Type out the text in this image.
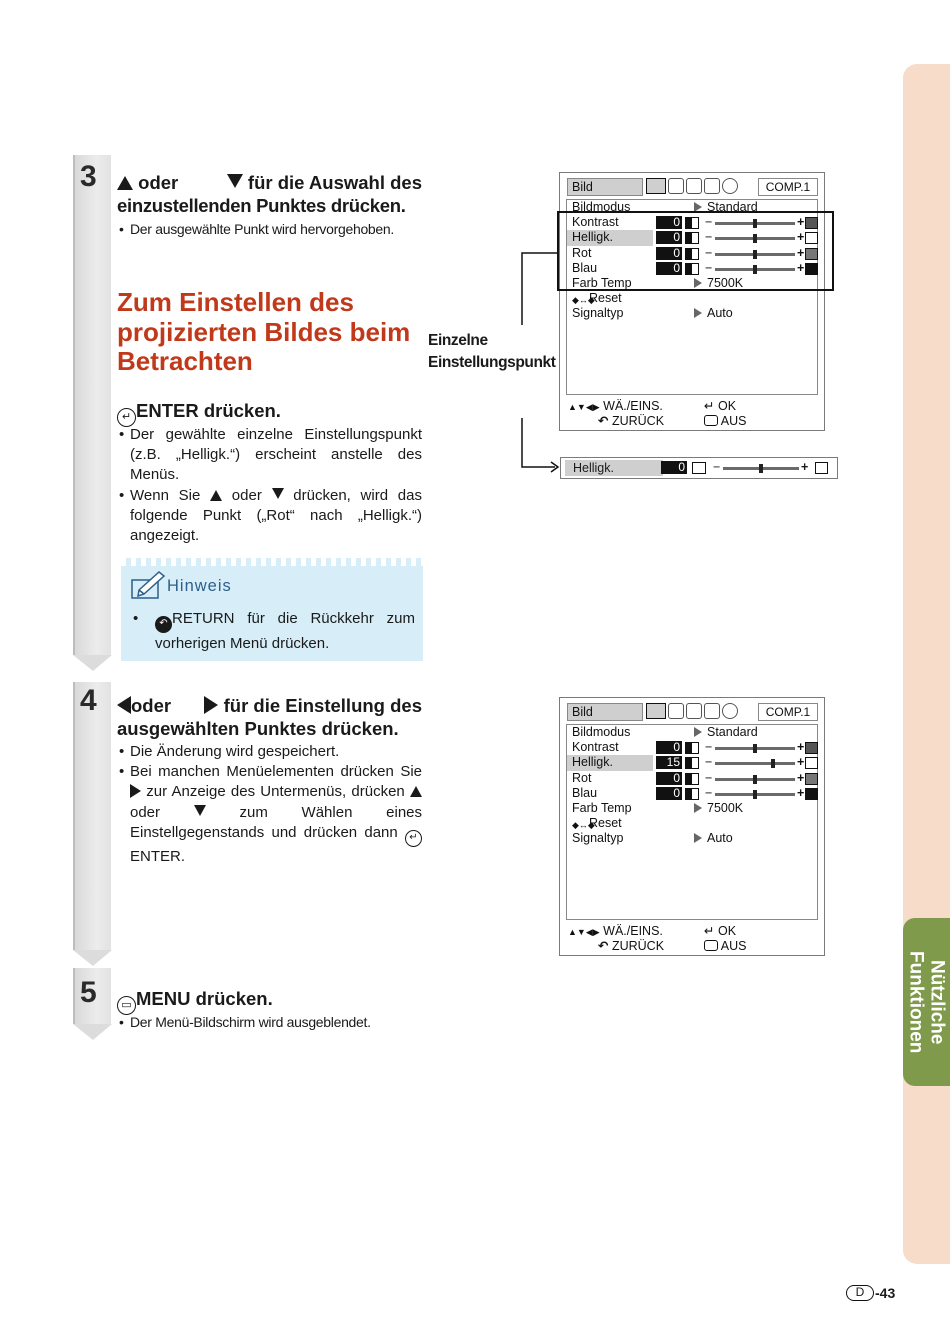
Nützliche Funktionen
3	oder	für die Auswahl des
einzustellenden Punktes drücken.
• Der ausgewählte Punkt wird hervorgehoben.
Zum Einstellen des projizierten Bildes beim Betrachten
↵ ENTER drücken.
• Der gewählte einzelne Einstellungspunkt (z.B. „Helligk.“) erscheint anstelle des Menüs.
• Wenn Sie oder drücken, wird das folgende Punkt („Rot“ nach „Helligk.“) angezeigt.
Hinweis
• ↶ RETURN für die Rückkehr zum vorherigen Menü drücken.
4	oder	für die Einstellung des
ausgewählten Punktes drücken.
• Die Änderung wird gespeichert.
• Bei manchen Menüelementen drücken Sie  zur Anzeige des Untermenüs, drücken  oder	zum Wählen eines Einstellgegenstands und drücken dann ↵ENTER.
5	▭ MENU drücken.
• Der Menü-Bildschirm wird ausgeblendet.
Einzelne
Einstellungspunkt
Bild	COMP.1
Bildmodus	Standard
Kontrast	0 −	+
Helligk.	0 −	+
Rot	0 −	+
Blau	0 −	+
Farb Temp	7500K
Reset
◆↔◆
Signaltyp	Auto
▲▼◀▶ WÄ./EINS.	↵ OK
↶ ZURÜCK	AUS
Helligk.	0 −	+
Bild	COMP.1
Bildmodus	Standard
Kontrast	0 −	+
Helligk.	15 −	+
Rot	0 −	+
Blau	0 −	+
Farb Temp	7500K
Reset
◆↔◆
Signaltyp	Auto
▲▼◀▶ WÄ./EINS.	↵ OK
↶ ZURÜCK	AUS
D -43
